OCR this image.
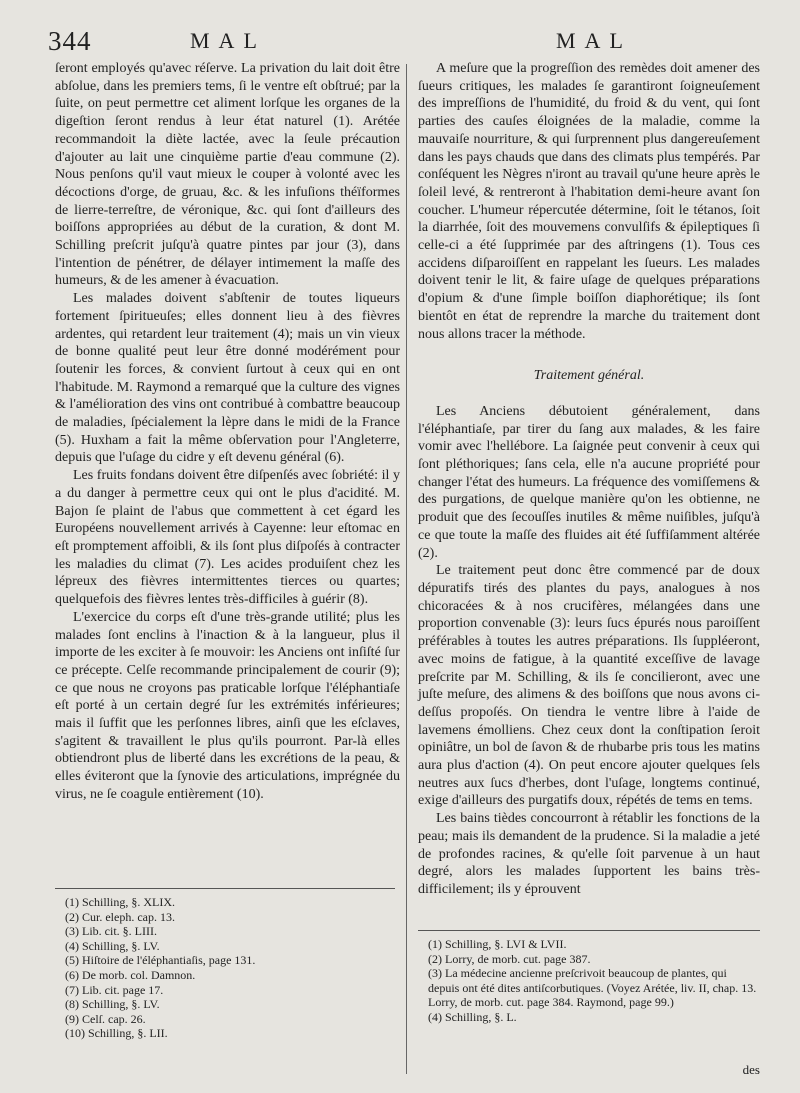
344	MAL	MAL

ſeront employés qu'avec réſerve. La privation du lait doit être abſolue, dans les premiers tems, ſi le ventre eſt obſtrué; par la ſuite, on peut permettre cet aliment lorſque les organes de la digeſtion ſeront rendus à leur état naturel (1). Arétée recommandoit la diète lactée, avec la ſeule précaution d'ajouter au lait une cinquième partie d'eau commune (2). Nous penſons qu'il vaut mieux le couper à volonté avec les décoctions d'orge, de gruau, &c. & les infuſions théïformes de lierre-terreſtre, de véronique, &c. qui ſont d'ailleurs des boiſſons appropriées au début de la curation, & dont M. Schilling preſcrit juſqu'à quatre pintes par jour (3), dans l'intention de pénétrer, de délayer intimement la maſſe des humeurs, & de les amener à évacuation.

Les malades doivent s'abſtenir de toutes liqueurs fortement ſpiritueuſes; elles donnent lieu à des fièvres ardentes, qui retardent leur traitement (4); mais un vin vieux de bonne qualité peut leur être donné modérément pour ſoutenir les forces, & convient ſurtout à ceux qui en ont l'habitude. M. Raymond a remarqué que la culture des vignes & l'amélioration des vins ont contribué à combattre beaucoup de maladies, ſpécialement la lèpre dans le midi de la France (5). Huxham a fait la même obſervation pour l'Angleterre, depuis que l'uſage du cidre y eſt devenu général (6).

Les fruits fondans doivent être diſpenſés avec ſobriété: il y a du danger à permettre ceux qui ont le plus d'acidité. M. Bajon ſe plaint de l'abus que commettent à cet égard les Européens nouvellement arrivés à Cayenne: leur eſtomac en eſt promptement affoibli, & ils ſont plus diſpoſés à contracter les maladies du climat (7). Les acides produiſent chez les lépreux des fièvres intermittentes tierces ou quartes; quelquefois des fièvres lentes très-difficiles à guérir (8).

L'exercice du corps eſt d'une très-grande utilité; plus les malades ſont enclins à l'inaction & à la langueur, plus il importe de les exciter à ſe mouvoir: les Anciens ont inſiſté ſur ce précepte. Celſe recommande principalement de courir (9); ce que nous ne croyons pas praticable lorſque l'éléphantiaſe eſt porté à un certain degré ſur les extrémités inférieures; mais il ſuffit que les perſonnes libres, ainſi que les eſclaves, s'agitent & travaillent le plus qu'ils pourront. Par-là elles obtiendront plus de liberté dans les excrétions de la peau, & elles éviteront que la ſynovie des articulations, imprégnée du virus, ne ſe coagule entièrement (10).

(1) Schilling, §. XLIX.

(2) Cur. eleph. cap. 13.

(3) Lib. cit. §. LIII.

(4) Schilling, §. LV.

(5) Hiſtoire de l'éléphantiaſis, page 131.

(6) De morb. col. Damnon.

(7) Lib. cit. page 17.

(8) Schilling, §. LV.

(9) Celſ. cap. 26.

(10) Schilling, §. LII.

A meſure que la progreſſion des remèdes doit amener des ſueurs critiques, les malades ſe garantiront ſoigneuſement des impreſſions de l'humidité, du froid & du vent, qui ſont parties des cauſes éloignées de la maladie, comme la mauvaiſe nourriture, & qui ſurprennent plus dangereuſement dans les pays chauds que dans des climats plus tempérés. Par conſéquent les Nègres n'iront au travail qu'une heure après le ſoleil levé, & rentreront à l'habitation demi-heure avant ſon coucher. L'humeur répercutée détermine, ſoit le tétanos, ſoit la diarrhée, ſoit des mouvemens convulſifs & épileptiques ſi celle-ci a été ſupprimée par des aſtringens (1). Tous ces accidens diſparoiſſent en rappelant les ſueurs. Les malades doivent tenir le lit, & faire uſage de quelques préparations d'opium & d'une ſimple boiſſon diaphorétique; ils ſont bientôt en état de reprendre la marche du traitement dont nous allons tracer la méthode.

Traitement général.

Les Anciens débutoient généralement, dans l'éléphantiaſe, par tirer du ſang aux malades, & les faire vomir avec l'hellébore. La ſaignée peut convenir à ceux qui ſont pléthoriques; ſans cela, elle n'a aucune propriété pour changer l'état des humeurs. La fréquence des vomiſſemens & des purgations, de quelque manière qu'on les obtienne, ne produit que des ſecouſſes inutiles & même nuiſibles, juſqu'à ce que toute la maſſe des fluides ait été ſuffiſamment altérée (2).

Le traitement peut donc être commencé par de doux dépuratifs tirés des plantes du pays, analogues à nos chicoracées & à nos crucifères, mélangées dans une proportion convenable (3): leurs ſucs épurés nous paroiſſent préférables à toutes les autres préparations. Ils ſuppléeront, avec moins de fatigue, à la quantité exceſſive de lavage preſcrite par M. Schilling, & ils ſe concilieront, avec une juſte meſure, des alimens & des boiſſons que nous avons ci-deſſus propoſés. On tiendra le ventre libre à l'aide de lavemens émolliens. Chez ceux dont la conſtipation ſeroit opiniâtre, un bol de ſavon & de rhubarbe pris tous les matins aura plus d'action (4). On peut encore ajouter quelques ſels neutres aux ſucs d'herbes, dont l'uſage, longtems continué, exige d'ailleurs des purgatifs doux, répétés de tems en tems.

Les bains tièdes concourront à rétablir les fonctions de la peau; mais ils demandent de la prudence. Si la maladie a jeté de profondes racines, & qu'elle ſoit parvenue à un haut degré, alors les malades ſupportent les bains très-difficilement; ils y éprouvent

(1) Schilling, §. LVI & LVII.

(2) Lorry, de morb. cut. page 387.

(3) La médecine ancienne preſcrivoit beaucoup de plantes, qui depuis ont été dites antiſcorbutiques. (Voyez Arétée, liv. II, chap. 13. Lorry, de morb. cut. page 384. Raymond, page 99.)

(4) Schilling, §. L.

des
